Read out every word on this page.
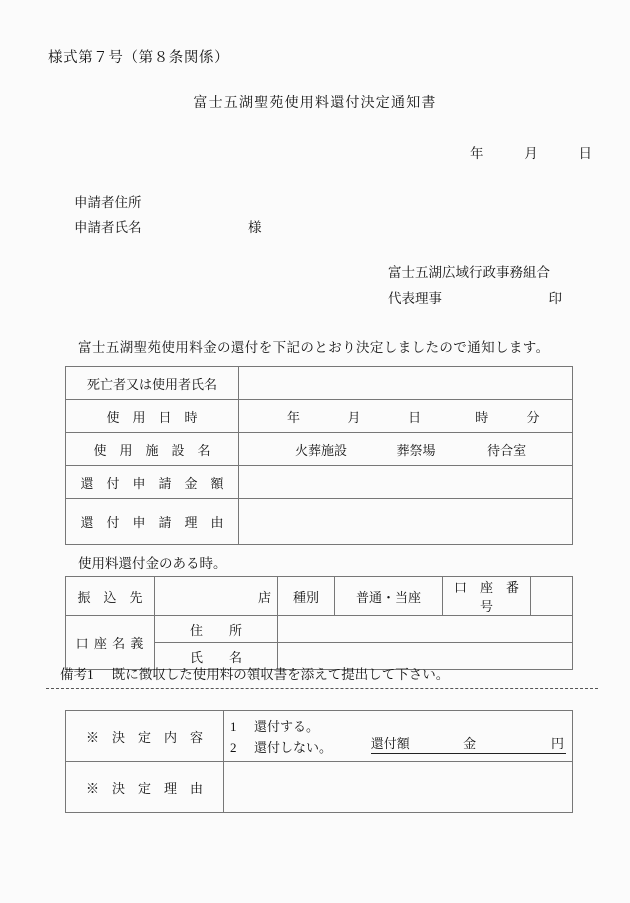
様式第７号（第８条関係）
富士五湖聖苑使用料還付決定通知書
年	月	日
申請者住所
申請者氏名	様
富士五湖広域行政事務組合
代表理事	印
富士五湖聖苑使用料金の還付を下記のとおり決定しましたので通知します。
死亡者又は使用者氏名	
使　用　日　時	年 月 日 時 分

使　用　施　設　名	火葬施設 葬祭場 待合室

還　付　申　請　金　額	
還　付　申　請　理　由	
使用料還付金のある時。
振　込　先	店	種別	普通・当座	口　座　番　号	
口 座 名 義	住　　所				
	氏　　名				
備考1 既に徴収した使用料の領収書を添えて提出して下さい。
※　決　定　内　容	1 還付する。
2 還付しない。 還付額 金 円

※　決　定　理　由	
